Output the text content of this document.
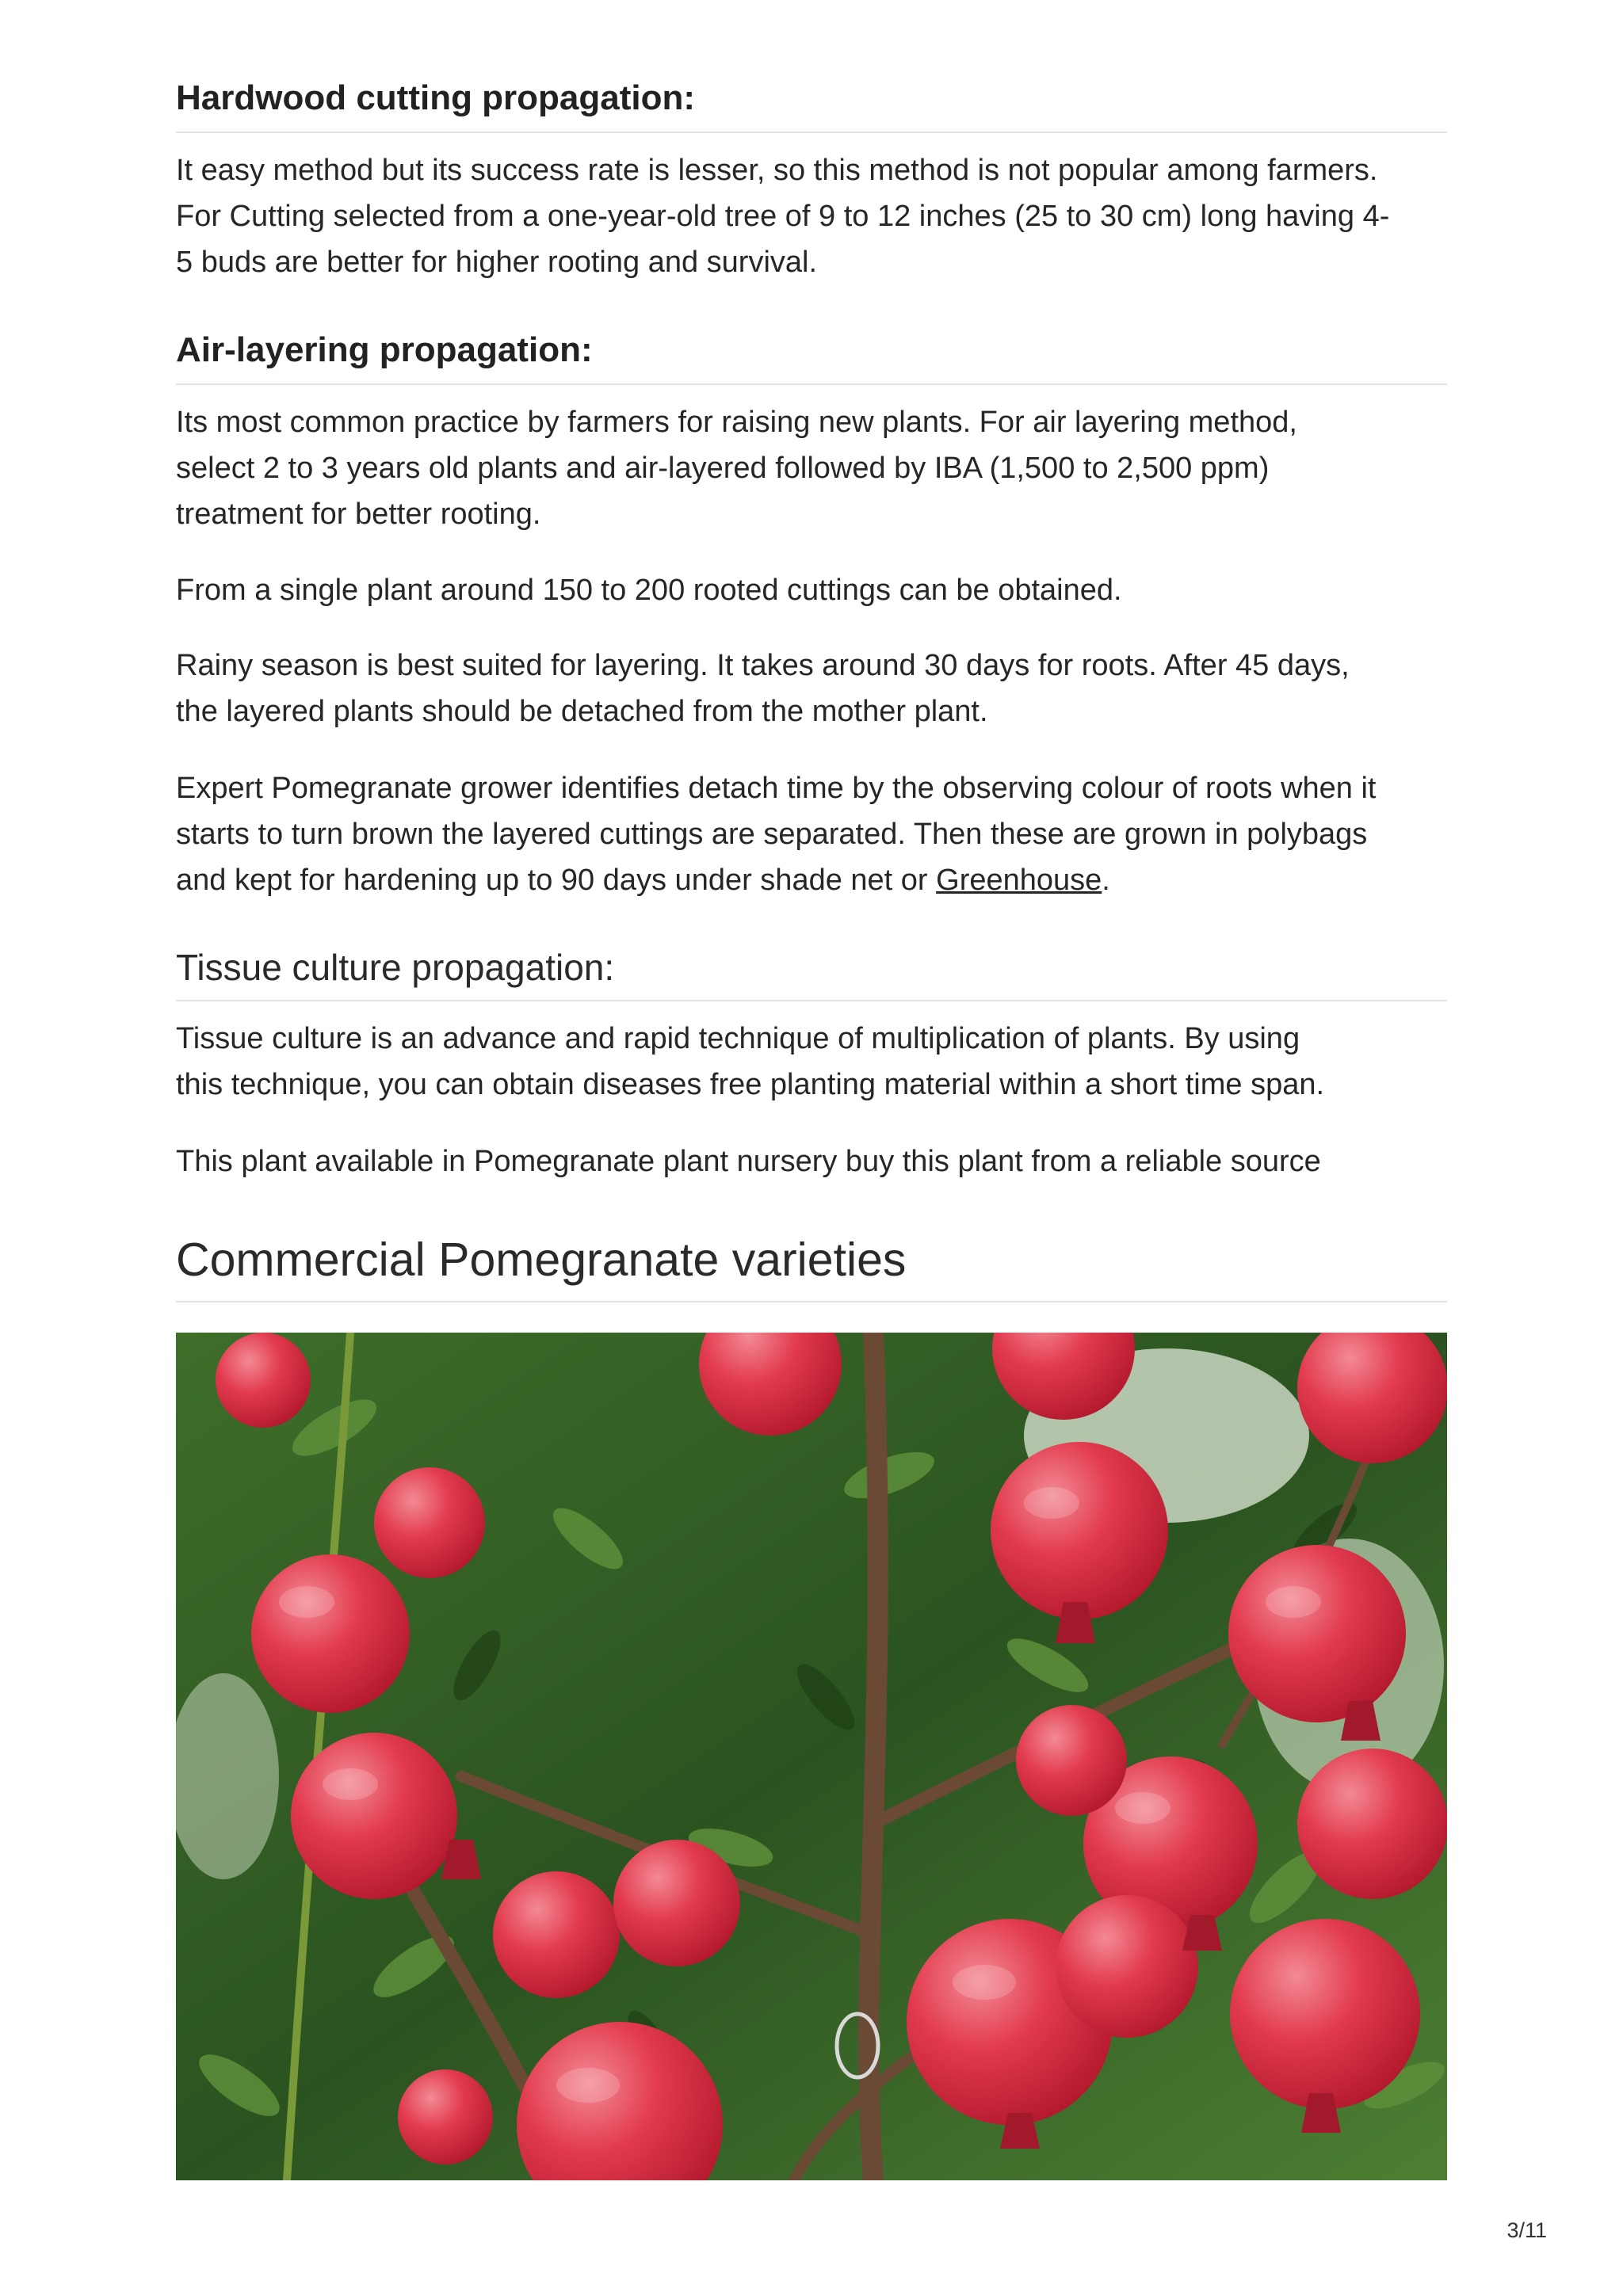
Hardwood cutting propagation:

It easy method but its success rate is lesser, so this method is not popular among farmers.
For Cutting selected from a one-year-old tree of 9 to 12 inches (25 to 30 cm) long having 4-
5 buds are better for higher rooting and survival.

Air-layering propagation:

Its most common practice by farmers for raising new plants. For air layering method,
select 2 to 3 years old plants and air-layered followed by IBA (1,500 to 2,500 ppm)
treatment for better rooting.

From a single plant around 150 to 200 rooted cuttings can be obtained.

Rainy season is best suited for layering. It takes around 30 days for roots. After 45 days,
the layered plants should be detached from the mother plant.

Expert Pomegranate grower identifies detach time by the observing colour of roots when it
starts to turn brown the layered cuttings are separated. Then these are grown in polybags
and kept for hardening up to 90 days under shade net or Greenhouse.

Tissue culture propagation:

Tissue culture is an advance and rapid technique of multiplication of plants. By using
this technique, you can obtain diseases free planting material within a short time span.

This plant available in Pomegranate plant nursery buy this plant from a reliable source

Commercial Pomegranate varieties
3/11
